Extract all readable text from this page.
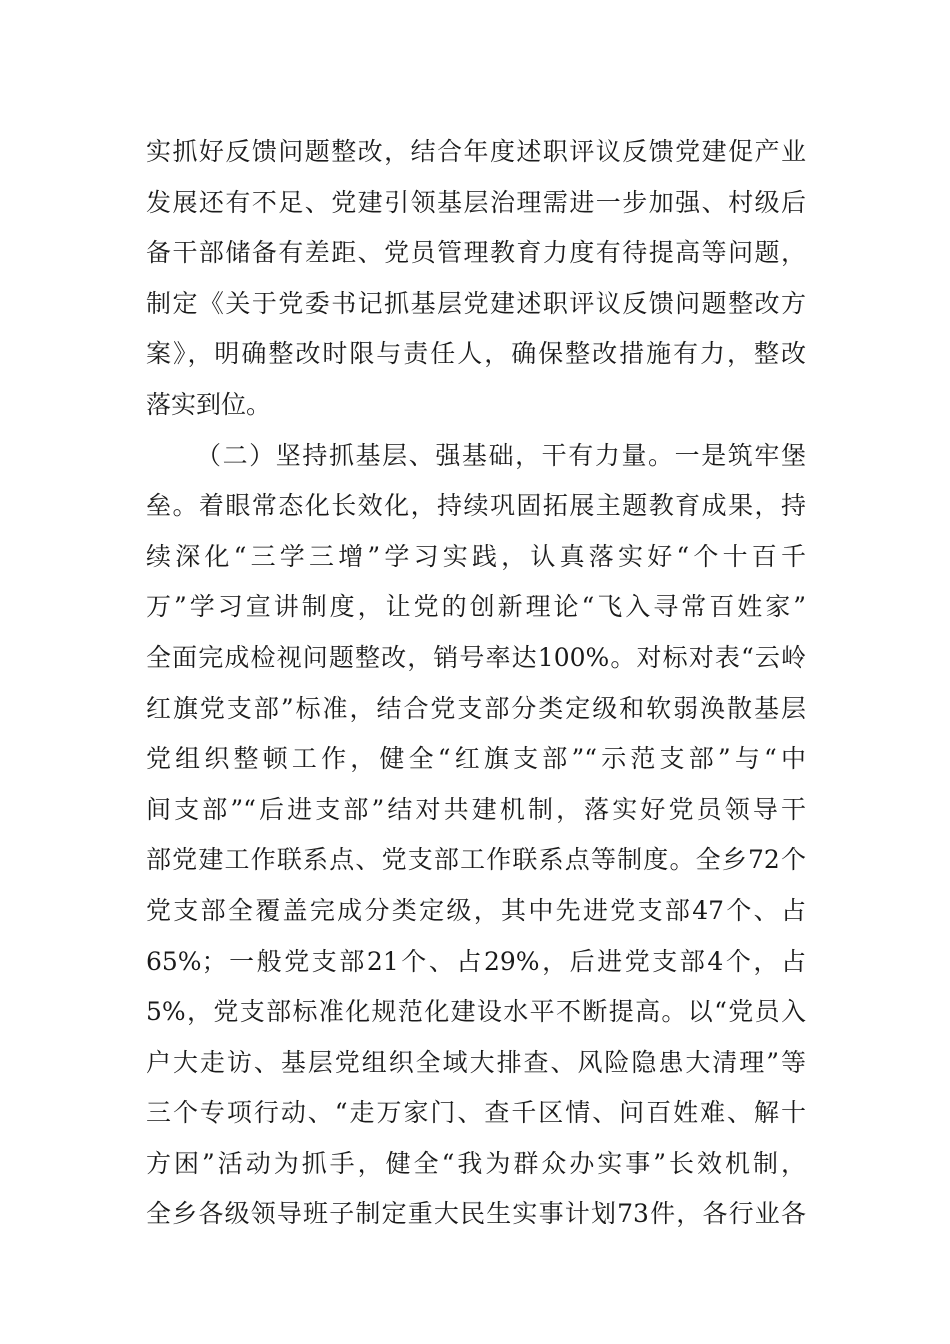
实抓好反馈问题整改，结合年度述职评议反馈党建促产业
发展还有不足、党建引领基层治理需进一步加强、村级后
备干部储备有差距、党员管理教育力度有待提高等问题，
制定《关于党委书记抓基层党建述职评议反馈问题整改方
案》，明确整改时限与责任人，确保整改措施有力，整改
落实到位。
（二）坚持抓基层、强基础，干有力量。一是筑牢堡
垒。着眼常态化长效化，持续巩固拓展主题教育成果，持
续深化“三学三增”学习实践，认真落实好“个十百千
万”学习宣讲制度，让党的创新理论“飞入寻常百姓家”
全面完成检视问题整改，销号率达100%。对标对表“云岭
红旗党支部”标准，结合党支部分类定级和软弱涣散基层
党组织整顿工作，健全“红旗支部”“示范支部”与“中
间支部”“后进支部”结对共建机制，落实好党员领导干
部党建工作联系点、党支部工作联系点等制度。全乡72个
党支部全覆盖完成分类定级，其中先进党支部47个、占
65%；一般党支部21个、占29%，后进党支部4个，占
5%，党支部标准化规范化建设水平不断提高。以“党员入
户大走访、基层党组织全域大排查、风险隐患大清理”等
三个专项行动、“走万家门、查千区情、问百姓难、解十
方困”活动为抓手，健全“我为群众办实事”长效机制，
全乡各级领导班子制定重大民生实事计划73件，各行业各
